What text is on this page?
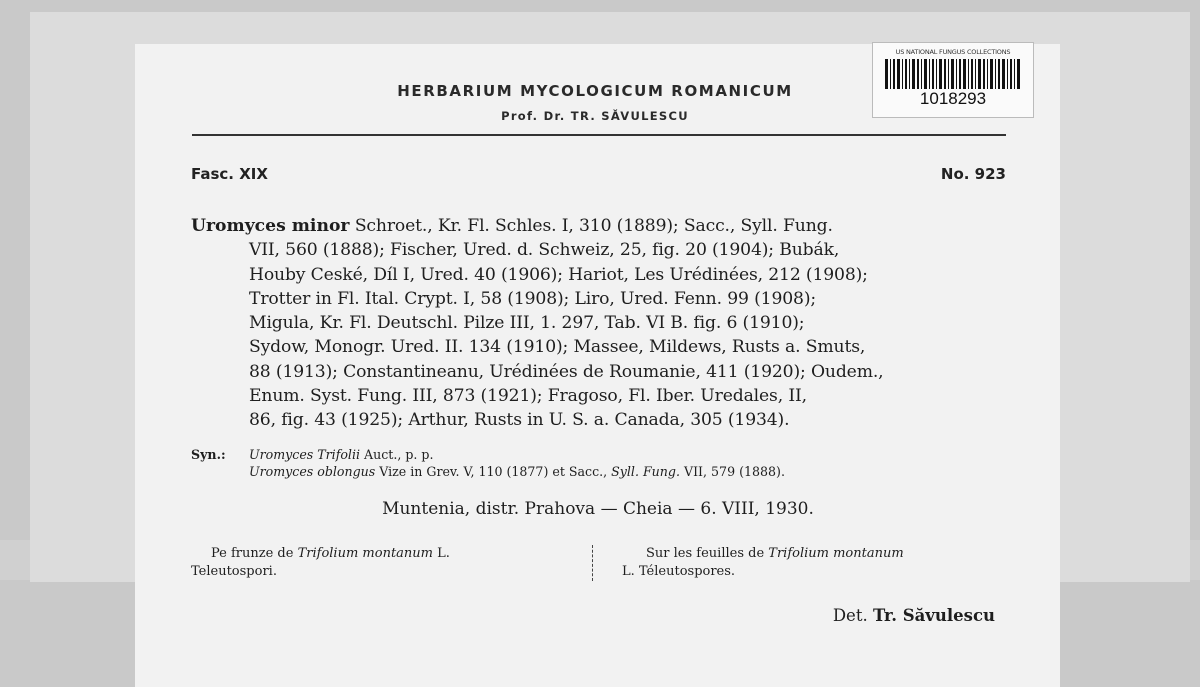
US NATIONAL FUNGUS COLLECTIONS
1018293
HERBARIUM MYCOLOGICUM ROMANICUM
Prof. Dr. TR. SĂVULESCU
Fasc. XIX	No. 923
Uromyces minor
Schroet., Kr. Fl. Schles. I, 310 (1889); Sacc., Syll. Fung.
VII, 560 (1888); Fischer, Ured. d. Schweiz, 25, fig. 20 (1904); Bubák,
Houby Ceské, Díl I, Ured. 40 (1906); Hariot, Les Urédinées, 212 (1908);
Trotter in Fl. Ital. Crypt. I, 58 (1908); Liro, Ured. Fenn. 99 (1908);
Migula, Kr. Fl. Deutschl. Pilze III, 1. 297, Tab. VI B. fig. 6 (1910);
Sydow, Monogr. Ured. II. 134 (1910); Massee, Mildews, Rusts a. Smuts,
88 (1913); Constantineanu, Urédinées de Roumanie, 411 (1920); Oudem.,
Enum. Syst. Fung. III, 873 (1921); Fragoso, Fl. Iber. Uredales, II,
86, fig. 43 (1925); Arthur, Rusts in U. S. a. Canada, 305 (1934).
Syn.: Uromyces Trifolii Auct., p. p.
Uromyces oblongus Vize in Grev. V, 110 (1877) et Sacc., Syll. Fung. VII, 579 (1888).
Muntenia, distr. Prahova — Cheia — 6. VIII, 1930.
Pe frunze de Trifolium montanum L.
Teleutospori.
Sur les feuilles de Trifolium montanum
L. Téleutospores.
Det. Tr. Săvulescu
